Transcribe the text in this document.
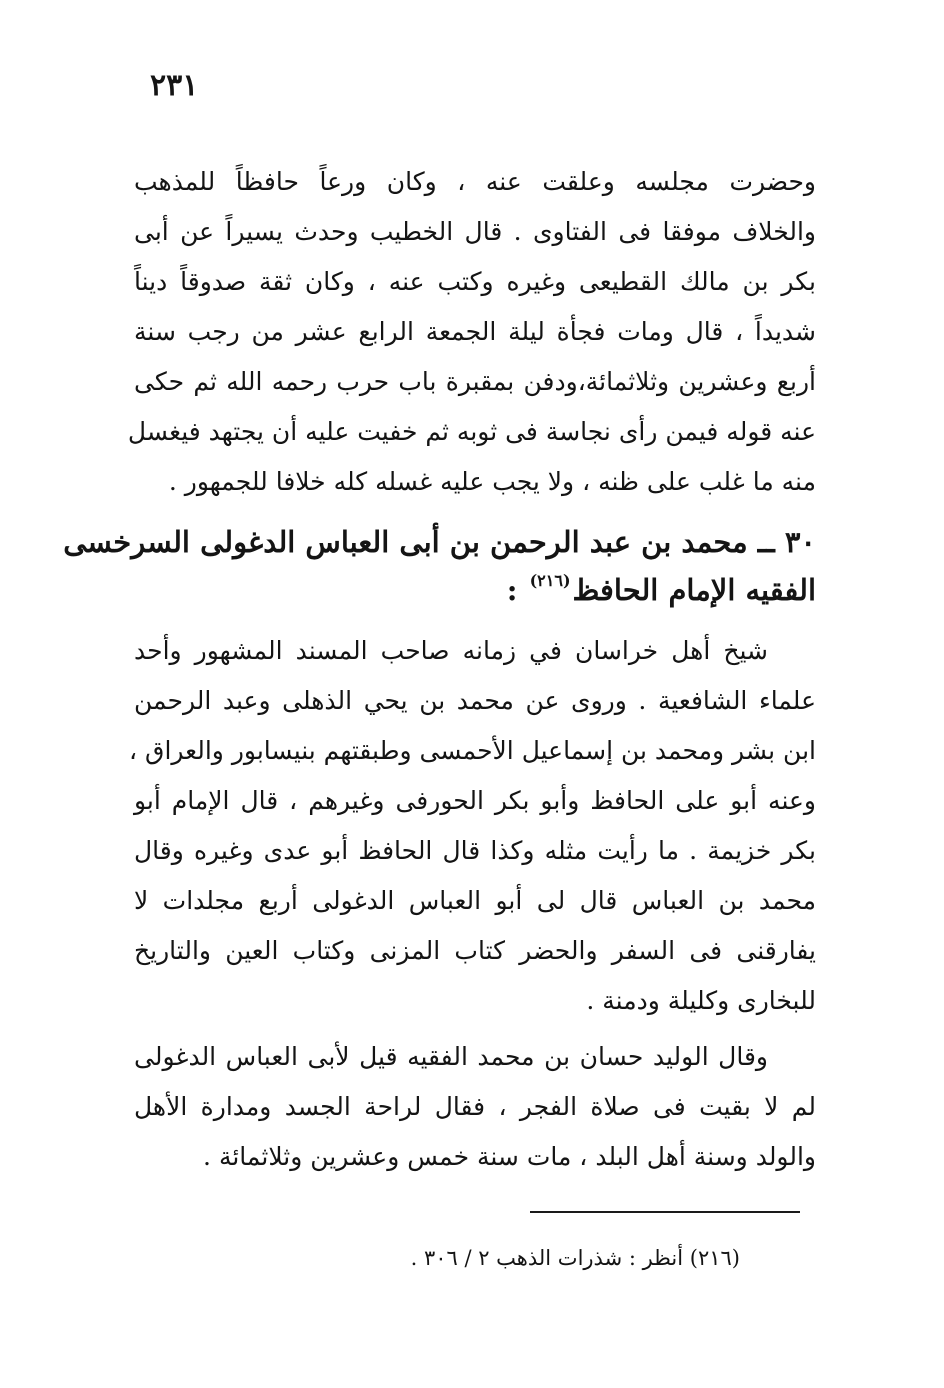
٢٣١
وحضرت مجلسه وعلقت عنه ، وكان ورعاً حافظاً للمذهب
والخلاف موفقا فى الفتاوى . قال الخطيب وحدث يسيراً عن أبى
بكر بن مالك القطيعى وغيره وكتب عنه ، وكان ثقة صدوقاً ديناً
شديداً ، قال ومات فجأة ليلة الجمعة الرابع عشر من رجب سنة
أربع وعشرين وثلاثمائة،ودفن بمقبرة باب حرب رحمه الله ثم حكى
عنه قوله فيمن رأى نجاسة فى ثوبه ثم خفيت عليه أن يجتهد فيغسل
منه ما غلب على ظنه ، ولا يجب عليه غسله كله خلافا للجمهور .
٣٠ ــ محمد بن عبد الرحمن بن أبى العباس الدغولى السرخسى
الفقيه الإمام الحافظ$^{(٢١٦)}$ :
شيخ أهل خراسان في زمانه صاحب المسند المشهور وأحد
علماء الشافعية . وروى عن محمد بن يحي الذهلى وعبد الرحمن
ابن بشر ومحمد بن إسماعيل الأحمسى وطبقتهم بنيسابور والعراق ،
وعنه أبو على الحافظ وأبو بكر الحورفى وغيرهم ، قال الإمام أبو
بكر خزيمة . ما رأيت مثله وكذا قال الحافظ أبو عدى وغيره وقال
محمد بن العباس قال لى أبو العباس الدغولى أربع مجلدات لا
يفارقنى فى السفر والحضر كتاب المزنى وكتاب العين والتاريخ
للبخارى وكليلة ودمنة .
وقال الوليد حسان بن محمد الفقيه قيل لأبى العباس الدغولى
لم لا بقيت فى صلاة الفجر ، فقال لراحة الجسد ومدارة الأهل
والولد وسنة أهل البلد ، مات سنة خمس وعشرين وثلاثمائة .
(٢١٦) أنظر : شذرات الذهب ٢ / ٣٠٦ .
